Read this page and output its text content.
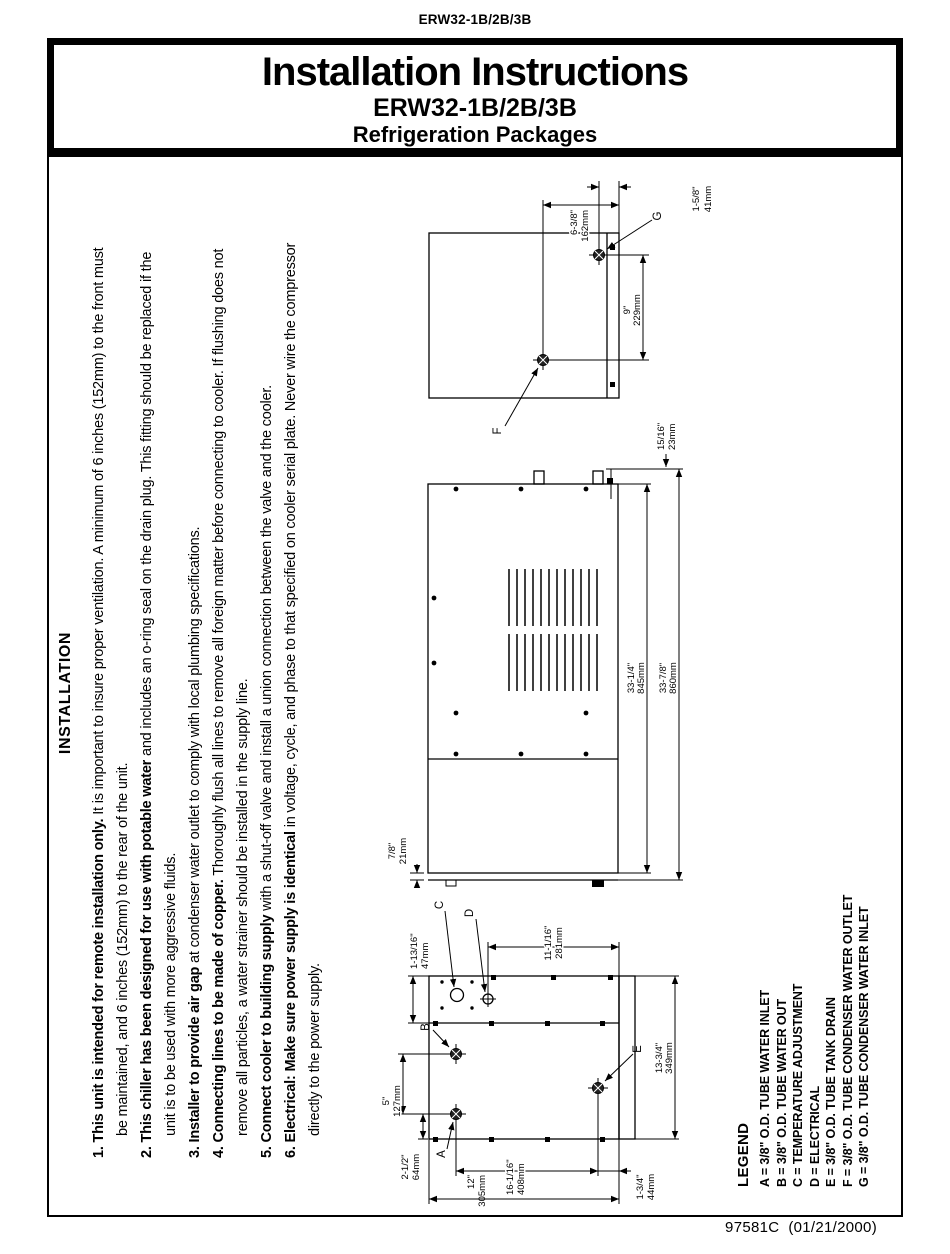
ERW32-1B/2B/3B
Installation Instructions
ERW32-1B/2B/3B
Refrigeration Packages
INSTALLATION
1. This unit is intended for remote installation only. It is important to insure proper ventilation. A minimum of 6 inches (152mm) to the front must be maintained, and 6 inches (152mm) to the rear of the unit. 2. This chiller has been designed for use with potable water and includes an o-ring seal on the drain plug. This fitting should be replaced if the unit is to be used with more aggressive fluids. 3. Installer to provide air gap at condenser water outlet to comply with local plumbing specifications.
4. Connecting lines to be made of copper. Thoroughly flush all lines to remove all foreign matter before connecting to cooler. If flushing does not remove all particles, a water strainer should be installed in the supply line. 5. Connect cooler to building supply with a shut-off valve and install a union connection between the valve and the cooler.
6. Electrical: Make sure power supply is identical in voltage, cycle, and phase to that specified on cooler serial plate. Never wire the compressor directly to the power supply.
A
B
C
D
E
5" 127mm
2-1/2" 64mm
1-13/16" 47mm
12" 305mm 16-1/16" 408mm	1-3/4" 44mm
13-3/4" 349mm
11-1/16" 281mm
7/8" 21mm
33-1/4" 845mm 33-7/8" 860mm
15/16" 23mm
F
G
6-3/8" 162mm
1-5/8" 41mm
9" 229mm
LEGEND A = 3/8" O.D. TUBE WATER INLET B = 3/8" O.D. TUBE WATER OUT C = TEMPERATURE ADJUSTMENT D = ELECTRICAL E = 3/8" O.D. TUBE TANK DRAIN F = 3/8" O.D. TUBE CONDENSER WATER OUTLET G = 3/8" O.D. TUBE CONDENSER WATER INLET
97581C  (01/21/2000)
